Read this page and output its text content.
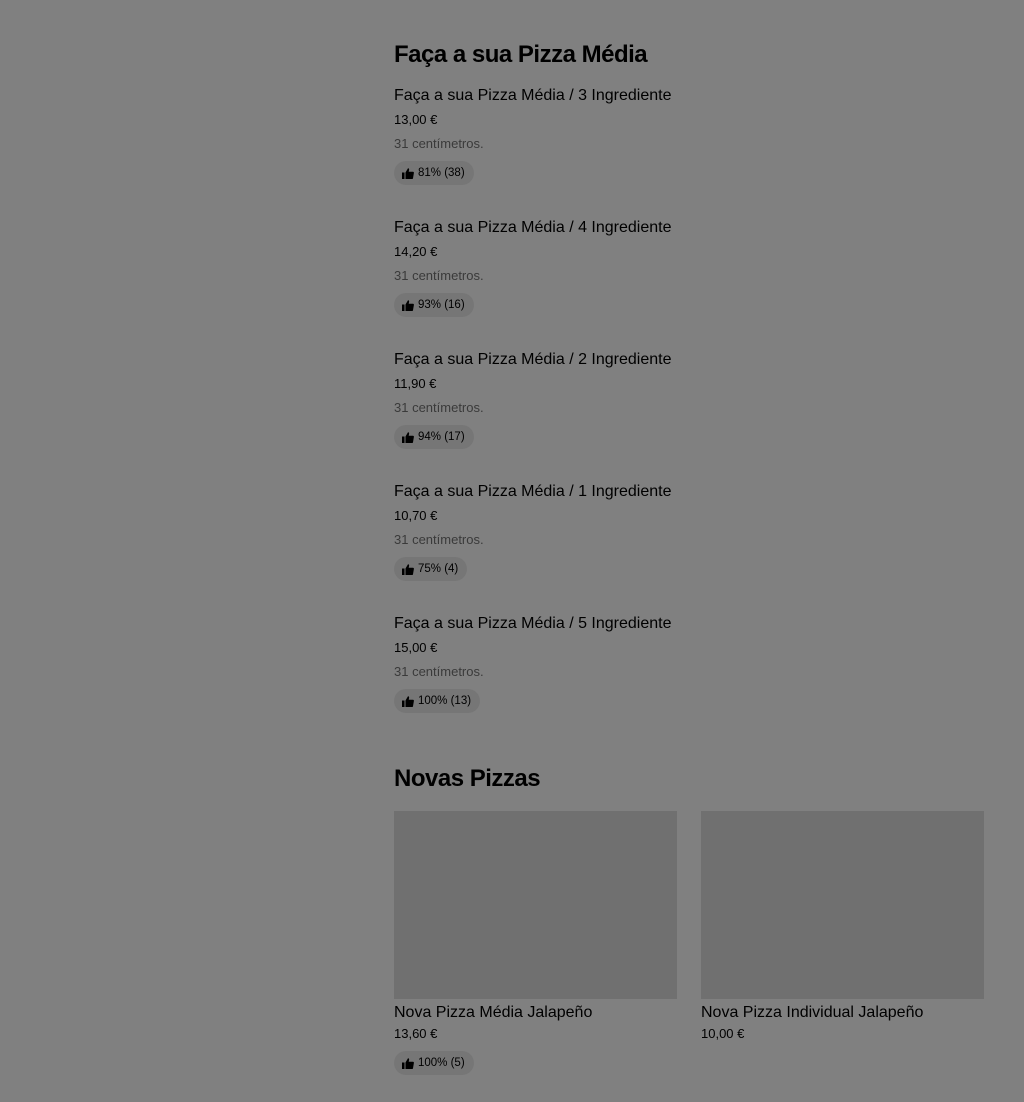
Faça a sua Pizza Média
Faça a sua Pizza Média / 3 Ingrediente
13,00 €
31 centímetros.
81% (38)
Faça a sua Pizza Média / 4 Ingrediente
14,20 €
31 centímetros.
93% (16)
Faça a sua Pizza Média / 2 Ingrediente
11,90 €
31 centímetros.
94% (17)
Faça a sua Pizza Média / 1 Ingrediente
10,70 €
31 centímetros.
75% (4)
Faça a sua Pizza Média / 5 Ingrediente
15,00 €
31 centímetros.
100% (13)
Novas Pizzas
Nova Pizza Média Jalapeño
13,60 €
100% (5)
Nova Pizza Individual Jalapeño
10,00 €
